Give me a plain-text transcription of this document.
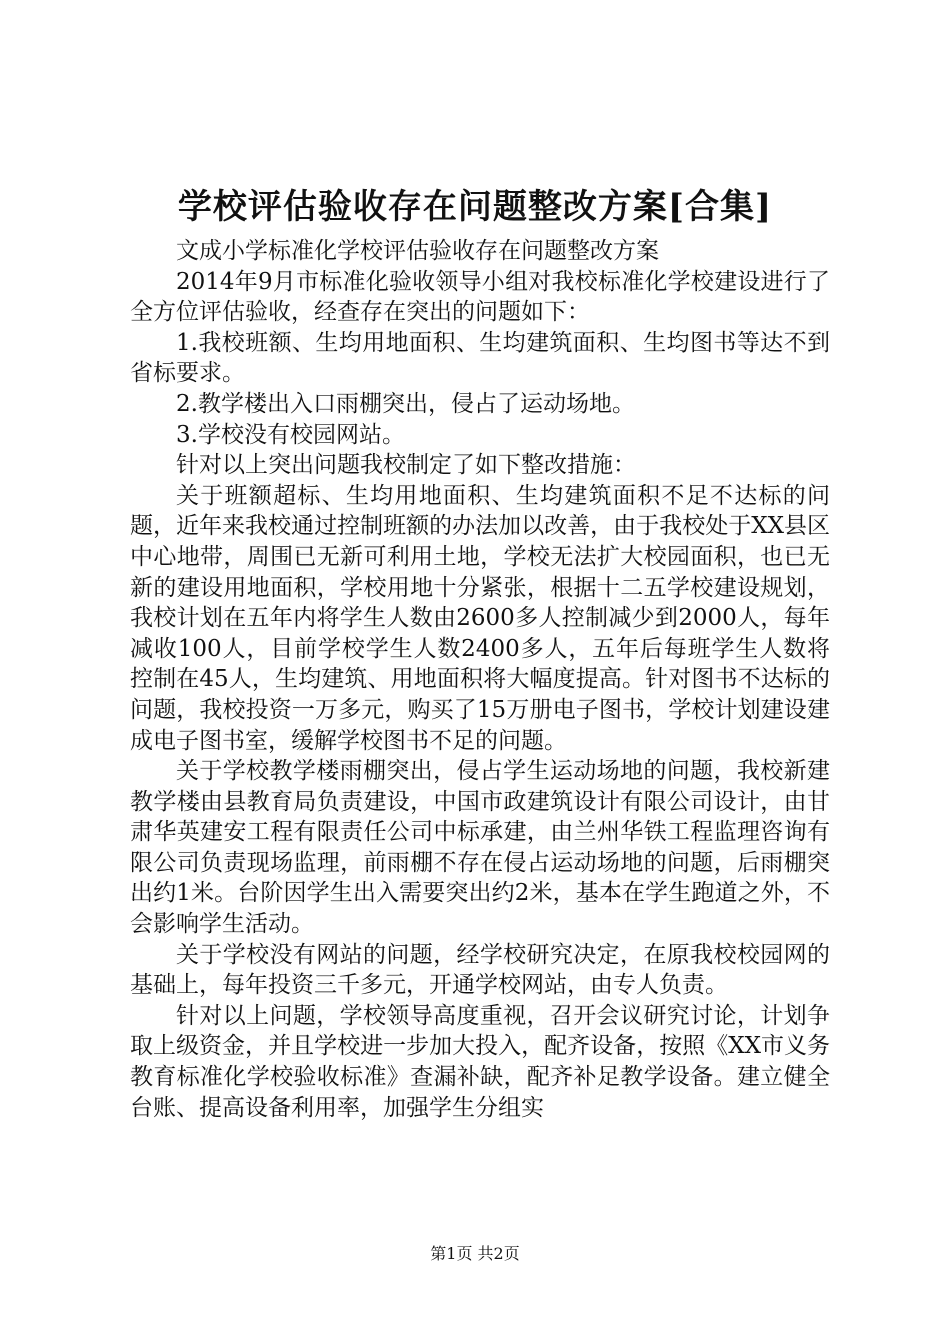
学校评估验收存在问题整改方案[合集]

文成小学标准化学校评估验收存在问题整改方案

2014年9月市标准化验收领导小组对我校标准化学校建设进行了全方位评估验收，经查存在突出的问题如下：

1.我校班额、生均用地面积、生均建筑面积、生均图书等达不到省标要求。

2.教学楼出入口雨棚突出，侵占了运动场地。

3.学校没有校园网站。

针对以上突出问题我校制定了如下整改措施：

关于班额超标、生均用地面积、生均建筑面积不足不达标的问题，近年来我校通过控制班额的办法加以改善，由于我校处于XX县区中心地带，周围已无新可利用土地，学校无法扩大校园面积，也已无新的建设用地面积，学校用地十分紧张，根据十二五学校建设规划，我校计划在五年内将学生人数由2600多人控制减少到2000人，每年减收100人，目前学校学生人数2400多人，五年后每班学生人数将控制在45人，生均建筑、用地面积将大幅度提高。针对图书不达标的问题，我校投资一万多元，购买了15万册电子图书，学校计划建设建成电子图书室，缓解学校图书不足的问题。

关于学校教学楼雨棚突出，侵占学生运动场地的问题，我校新建教学楼由县教育局负责建设，中国市政建筑设计有限公司设计，由甘肃华英建安工程有限责任公司中标承建，由兰州华铁工程监理咨询有限公司负责现场监理，前雨棚不存在侵占运动场地的问题，后雨棚突出约1米。台阶因学生出入需要突出约2米，基本在学生跑道之外，不会影响学生活动。

关于学校没有网站的问题，经学校研究决定，在原我校校园网的基础上，每年投资三千多元，开通学校网站，由专人负责。

针对以上问题，学校领导高度重视，召开会议研究讨论，计划争取上级资金，并且学校进一步加大投入，配齐设备，按照《XX市义务教育标准化学校验收标准》查漏补缺，配齐补足教学设备。建立健全台账、提高设备利用率，加强学生分组实

第1页 共2页
